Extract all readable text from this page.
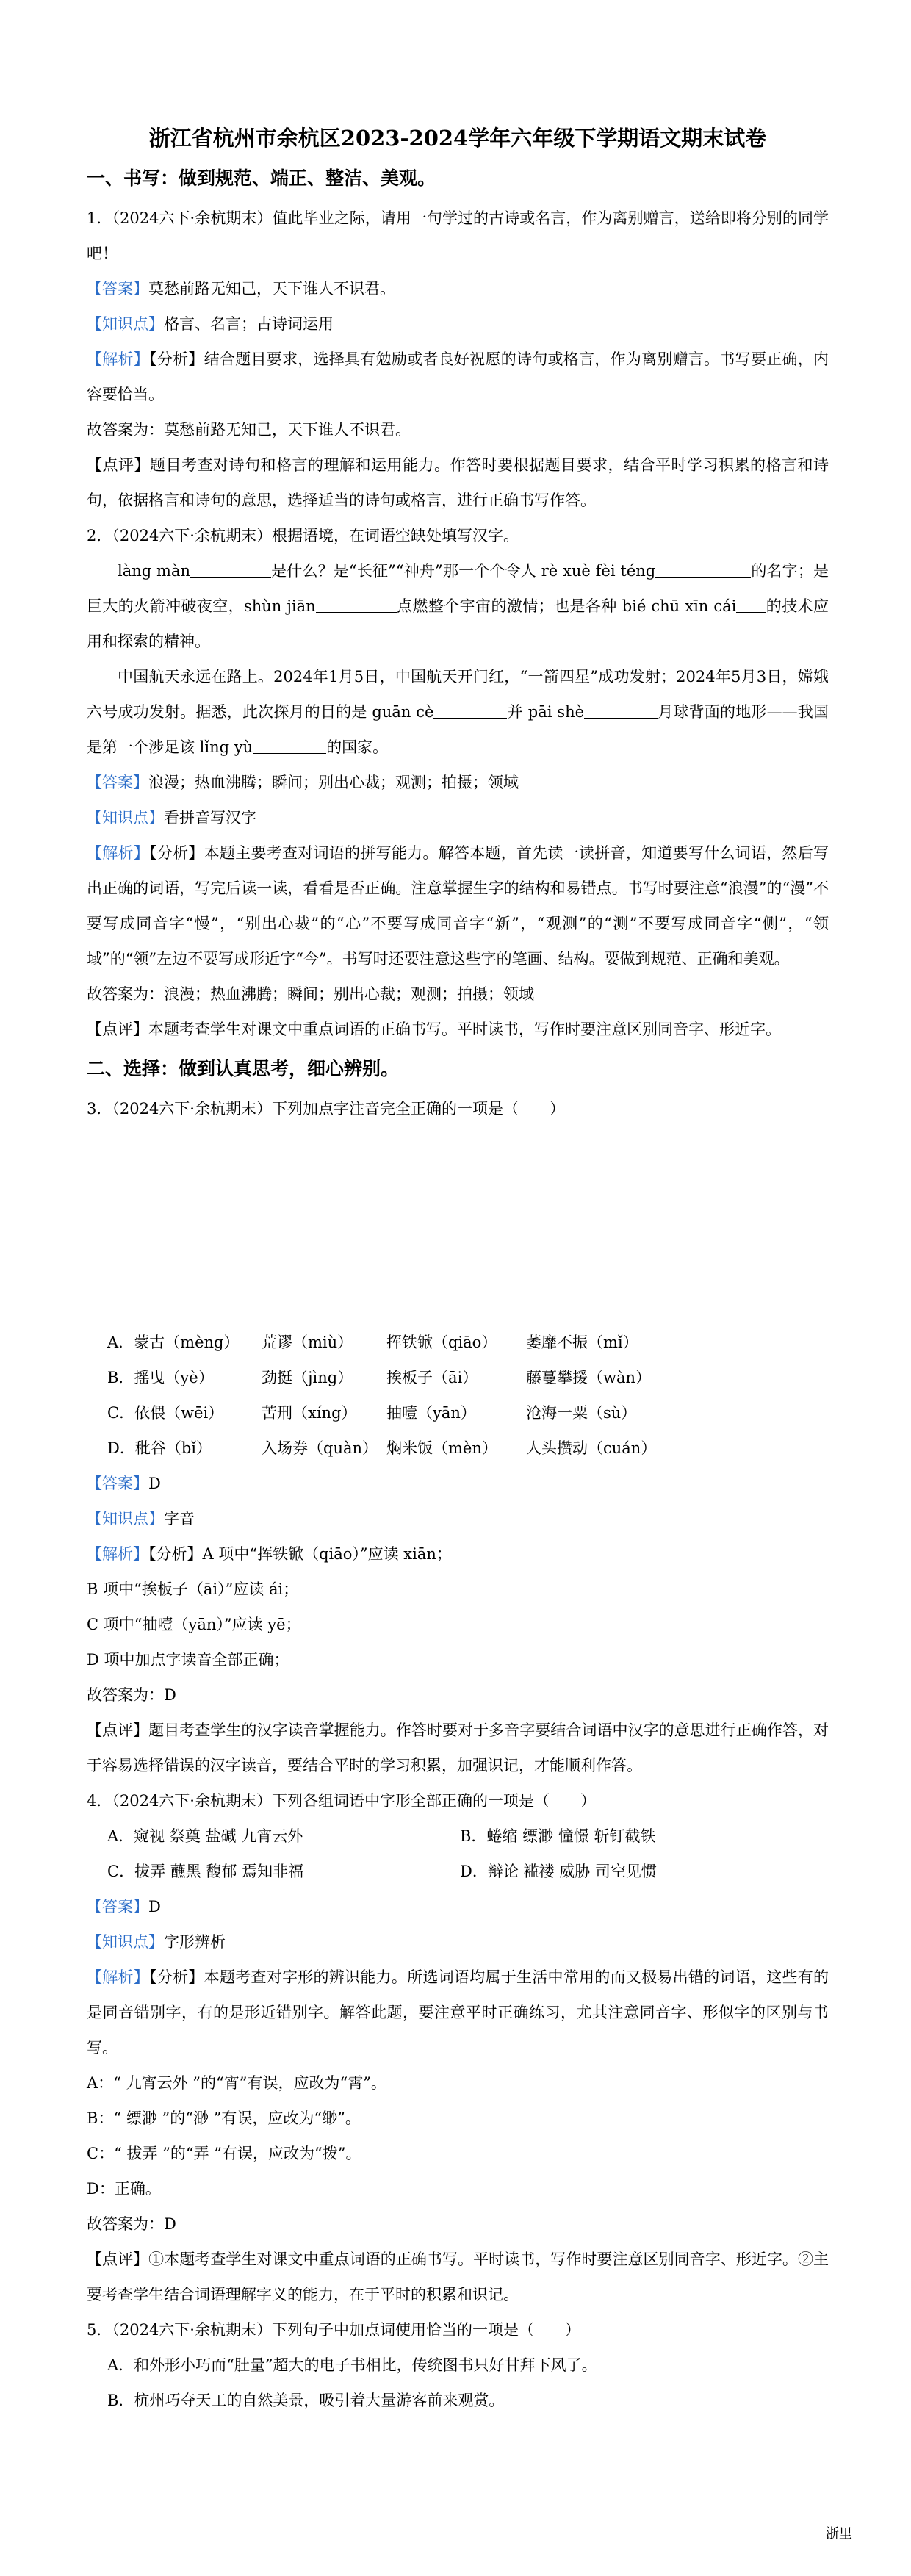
浙江省杭州市余杭区2023-2024学年六年级下学期语文期末试卷
一、书写：做到规范、端正、整洁、美观。

1．（2024六下·余杭期末）值此毕业之际，请用一句学过的古诗或名言，作为离别赠言，送给即将分别的同学吧！

【答案】莫愁前路无知己，天下谁人不识君。

【知识点】格言、名言；古诗词运用

【解析】【分析】结合题目要求，选择具有勉励或者良好祝愿的诗句或格言，作为离别赠言。书写要正确，内容要恰当。

故答案为：莫愁前路无知己，天下谁人不识君。

【点评】题目考查对诗句和格言的理解和运用能力。作答时要根据题目要求，结合平时学习积累的格言和诗句，依据格言和诗句的意思，选择适当的诗句或格言，进行正确书写作答。

2．（2024六下·余杭期末）根据语境，在词语空缺处填写汉字。

làng màn	是什么？是“长征”“神舟”那一个个令人 rè xuè fèi téng	的名字；是巨大的火箭冲破夜空，shùn jiān	点燃整个宇宙的激情；也是各种 bié chū xīn cái 的技术应用和探索的精神。

中国航天永远在路上。2024年1月5日，中国航天开门红，“一箭四星”成功发射；2024年5月3日，嫦娥六号成功发射。据悉，此次探月的目的是 guān cè	并 pāi shè	月球背面的地形——我国是第一个涉足该 lǐng yù	的国家。

【答案】浪漫；热血沸腾；瞬间；别出心裁；观测；拍摄；领域

【知识点】看拼音写汉字

【解析】【分析】本题主要考查对词语的拼写能力。解答本题，首先读一读拼音，知道要写什么词语，然后写出正确的词语，写完后读一读，看看是否正确。注意掌握生字的结构和易错点。书写时要注意“浪漫”的“漫”不要写成同音字“慢”，“别出心裁”的“心”不要写成同音字“新”，“观测”的“测”不要写成同音字“侧”，“领域”的“领”左边不要写成形近字“今”。书写时还要注意这些字的笔画、结构。要做到规范、正确和美观。

故答案为：浪漫；热血沸腾；瞬间；别出心裁；观测；拍摄；领域

【点评】本题考查学生对课文中重点词语的正确书写。平时读书，写作时要注意区别同音字、形近字。

二、选择：做到认真思考，细心辨别。

3．（2024六下·余杭期末）下列加点字注音完全正确的一项是（　　）

A．蒙古（mèng）	荒谬（miù）	挥铁锨（qiāo）	萎靡不振（mǐ）

B．摇曳（yè）	劲挺（jìng）	挨板子（āi）	藤蔓攀援（wàn）

C．依偎（wēi）	苦刑（xíng）	抽噎（yān）	沧海一粟（sù）

D．秕谷（bǐ）	入场券（quàn） 焖米饭（mèn）	人头攒动（cuán）

【答案】D

【知识点】字音

【解析】【分析】A 项中“挥铁锨（qiāo）”应读 xiān；

B 项中“挨板子（āi）”应读 ái；

C 项中“抽噎（yān）”应读 yē；

D 项中加点字读音全部正确；

故答案为：D

【点评】题目考查学生的汉字读音掌握能力。作答时要对于多音字要结合词语中汉字的意思进行正确作答，对于容易选择错误的汉字读音，要结合平时的学习积累，加强识记，才能顺利作答。

4．（2024六下·余杭期末）下列各组词语中字形全部正确的一项是（　　）

A．窥视 祭奠 盐碱 九宵云外	B．蜷缩 缥渺 憧憬 斩钉截铁
C．拔弄 蘸黑 馥郁 焉知非福	D．辩论 褴褛 威胁 司空见惯

【答案】D

【知识点】字形辨析

【解析】【分析】本题考查对字形的辨识能力。所选词语均属于生活中常用的而又极易出错的词语，这些有的是同音错别字，有的是形近错别字。解答此题，要注意平时正确练习，尤其注意同音字、形似字的区别与书写。

A：“ 九宵云外 ”的“宵”有误，应改为“霄”。

B：“ 缥渺 ”的“渺 ”有误，应改为“缈”。

C：“ 拔弄 ”的“弄 ”有误，应改为“拨”。

D：正确。

故答案为：D

【点评】①本题考查学生对课文中重点词语的正确书写。平时读书，写作时要注意区别同音字、形近字。②主要考查学生结合词语理解字义的能力，在于平时的积累和识记。

5．（2024六下·余杭期末）下列句子中加点词使用恰当的一项是（　　）

A．和外形小巧而“肚量”超大的电子书相比，传统图书只好甘拜下风了。

B．杭州巧夺天工的自然美景，吸引着大量游客前来观赏。

浙里
